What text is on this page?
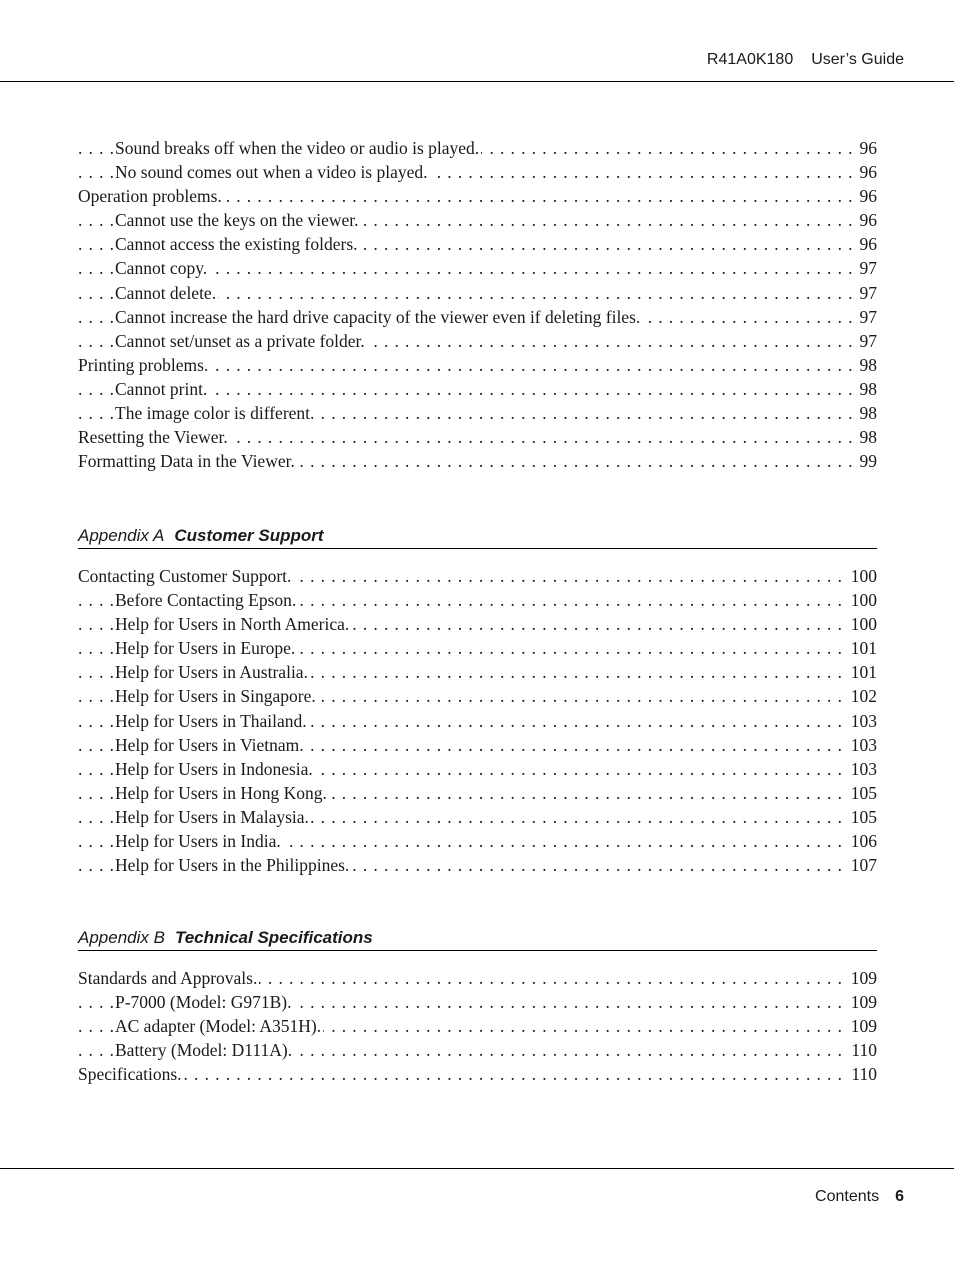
R41A0K180 User’s Guide
. . .
Sound breaks off when the video or audio is played.	96
. . .
No sound comes out when a video is played.	96
. . .
Operation problems.	96
. . .
Cannot use the keys on the viewer.	96
. . .
Cannot access the existing folders.	96
. . .
Cannot copy.	97
. . .
Cannot delete.	97
. . .
Cannot increase the hard drive capacity of the viewer even if deleting files.	97
. . .
Cannot set/unset as a private folder.	97
. . .
Printing problems.	98
. . .
Cannot print.	98
. . .
The image color is different.	98
. . .
Resetting the Viewer.	98
. . .
Formatting Data in the Viewer.	99
Appendix A Customer Support
. . .
Contacting Customer Support.	100
. . .
Before Contacting Epson.	100
. . .
Help for Users in North America.	100
. . .
Help for Users in Europe.	101
. . .
Help for Users in Australia.	101
. . .
Help for Users in Singapore.	102
. . .
Help for Users in Thailand.	103
. . .
Help for Users in Vietnam.	103
. . .
Help for Users in Indonesia.	103
. . .
Help for Users in Hong Kong.	105
. . .
Help for Users in Malaysia.	105
. . .
Help for Users in India.	106
. . .
Help for Users in the Philippines.	107
Appendix B Technical Specifications
. . .
Standards and Approvals.	109
. . .
P-7000 (Model: G971B).	109
. . .
AC adapter (Model: A351H).	109
. . .
Battery (Model: D111A).	110
. . .
Specifications.	110
Contents 6
